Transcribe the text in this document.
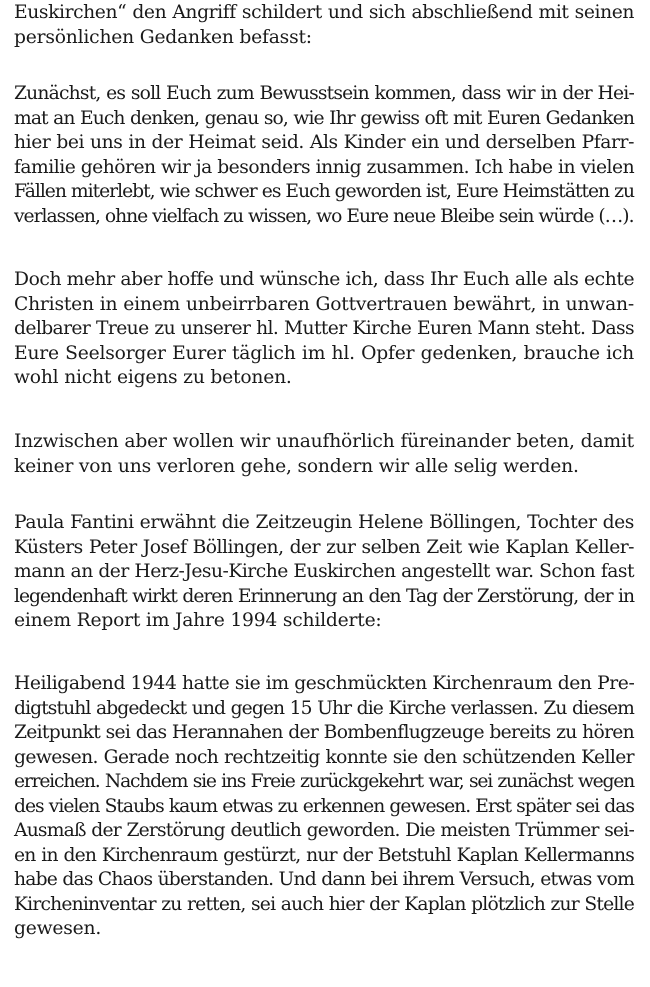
Euskirchen“ den Angriff schildert und sich abschließend mit seinen
persönlichen Gedanken befasst:
Zunächst, es soll Euch zum Bewusstsein kommen, dass wir in der Hei-
mat an Euch denken, genau so, wie Ihr gewiss oft mit Euren Gedanken
hier bei uns in der Heimat seid. Als Kinder ein und derselben Pfarr-
familie gehören wir ja besonders innig zusammen. Ich habe in vielen
Fällen miterlebt, wie schwer es Euch geworden ist, Eure Heimstätten zu
verlassen, ohne vielfach zu wissen, wo Eure neue Bleibe sein würde (…).
Doch mehr aber hoffe und wünsche ich, dass Ihr Euch alle als echte
Christen in einem unbeirrbaren Gottvertrauen bewährt, in unwan-
delbarer Treue zu unserer hl. Mutter Kirche Euren Mann steht. Dass
Eure Seelsorger Eurer täglich im hl. Opfer gedenken, brauche ich
wohl nicht eigens zu betonen.
Inzwischen aber wollen wir unaufhörlich füreinander beten, damit
keiner von uns verloren gehe, sondern wir alle selig werden.
Paula Fantini erwähnt die Zeitzeugin Helene Böllingen, Tochter des
Küsters Peter Josef Böllingen, der zur selben Zeit wie Kaplan Keller-
mann an der Herz-Jesu-Kirche Euskirchen angestellt war. Schon fast
legendenhaft wirkt deren Erinnerung an den Tag der Zerstörung, der in
einem Report im Jahre 1994 schilderte:
Heiligabend 1944 hatte sie im geschmückten Kirchenraum den Pre-
digtstuhl abgedeckt und gegen 15 Uhr die Kirche verlassen. Zu diesem
Zeitpunkt sei das Herannahen der Bombenflugzeuge bereits zu hören
gewesen. Gerade noch rechtzeitig konnte sie den schützenden Keller
erreichen. Nachdem sie ins Freie zurückgekehrt war, sei zunächst wegen
des vielen Staubs kaum etwas zu erkennen gewesen. Erst später sei das
Ausmaß der Zerstörung deutlich geworden. Die meisten Trümmer sei-
en in den Kirchenraum gestürzt, nur der Betstuhl Kaplan Kellermanns
habe das Chaos überstanden. Und dann bei ihrem Versuch, etwas vom
Kircheninventar zu retten, sei auch hier der Kaplan plötzlich zur Stelle
gewesen.
